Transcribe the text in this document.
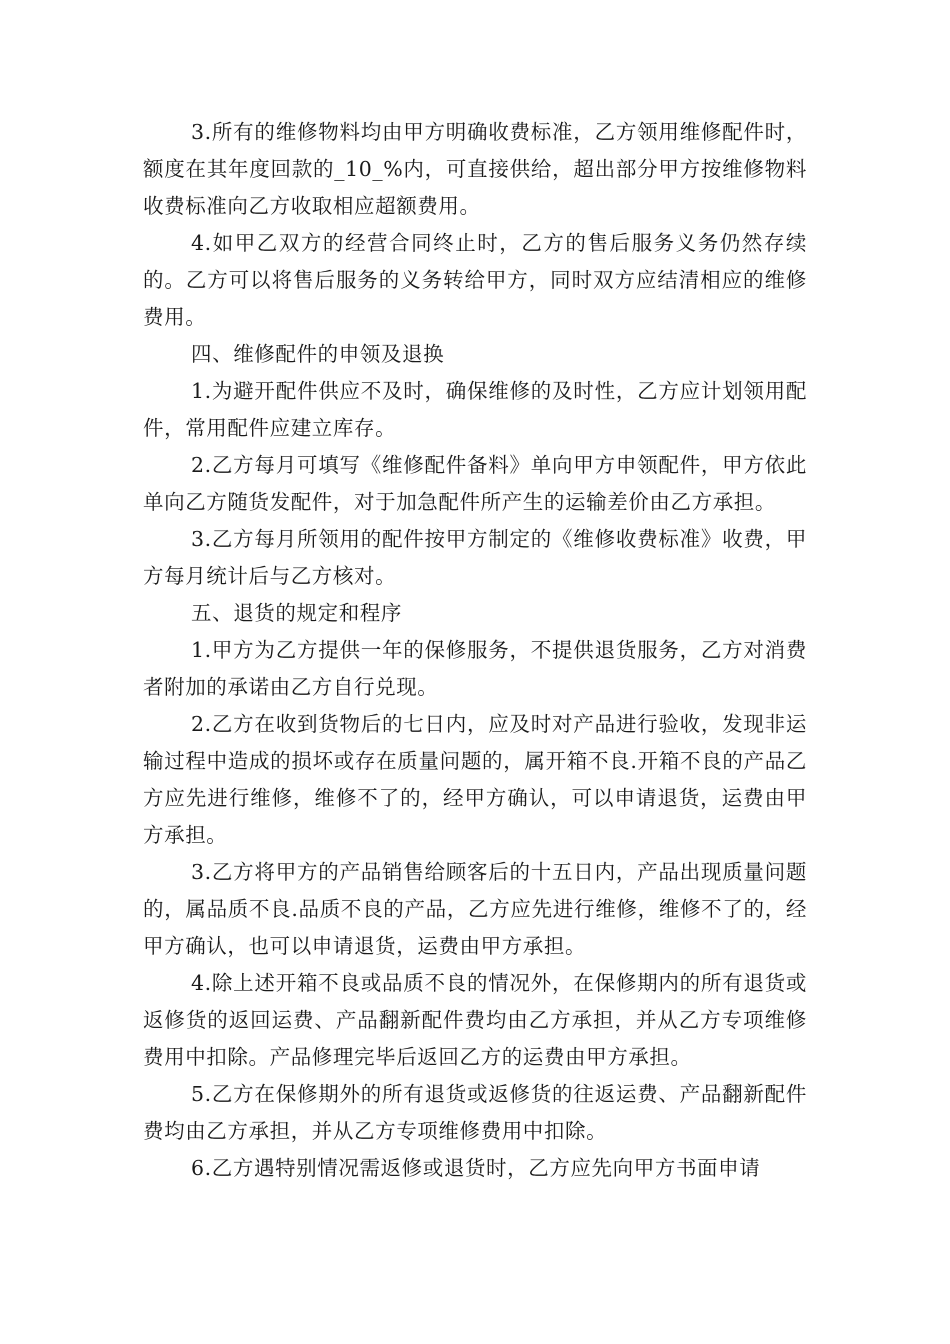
3.所有的维修物料均由甲方明确收费标准，乙方领用维修配件时，额度在其年度回款的_10_%内，可直接供给，超出部分甲方按维修物料收费标准向乙方收取相应超额费用。

4.如甲乙双方的经营合同终止时，乙方的售后服务义务仍然存续的。乙方可以将售后服务的义务转给甲方，同时双方应结清相应的维修费用。

四、维修配件的申领及退换

1.为避开配件供应不及时，确保维修的及时性，乙方应计划领用配件，常用配件应建立库存。

2.乙方每月可填写《维修配件备料》单向甲方申领配件，甲方依此单向乙方随货发配件，对于加急配件所产生的运输差价由乙方承担。

3.乙方每月所领用的配件按甲方制定的《维修收费标准》收费，甲方每月统计后与乙方核对。

五、退货的规定和程序

1.甲方为乙方提供一年的保修服务，不提供退货服务，乙方对消费者附加的承诺由乙方自行兑现。

2.乙方在收到货物后的七日内，应及时对产品进行验收，发现非运输过程中造成的损坏或存在质量问题的，属开箱不良.开箱不良的产品乙方应先进行维修，维修不了的，经甲方确认，可以申请退货，运费由甲方承担。

3.乙方将甲方的产品销售给顾客后的十五日内，产品出现质量问题的，属品质不良.品质不良的产品，乙方应先进行维修，维修不了的，经甲方确认，也可以申请退货，运费由甲方承担。

4.除上述开箱不良或品质不良的情况外，在保修期内的所有退货或返修货的返回运费、产品翻新配件费均由乙方承担，并从乙方专项维修费用中扣除。产品修理完毕后返回乙方的运费由甲方承担。

5.乙方在保修期外的所有退货或返修货的往返运费、产品翻新配件费均由乙方承担，并从乙方专项维修费用中扣除。

6.乙方遇特别情况需返修或退货时，乙方应先向甲方书面申请
